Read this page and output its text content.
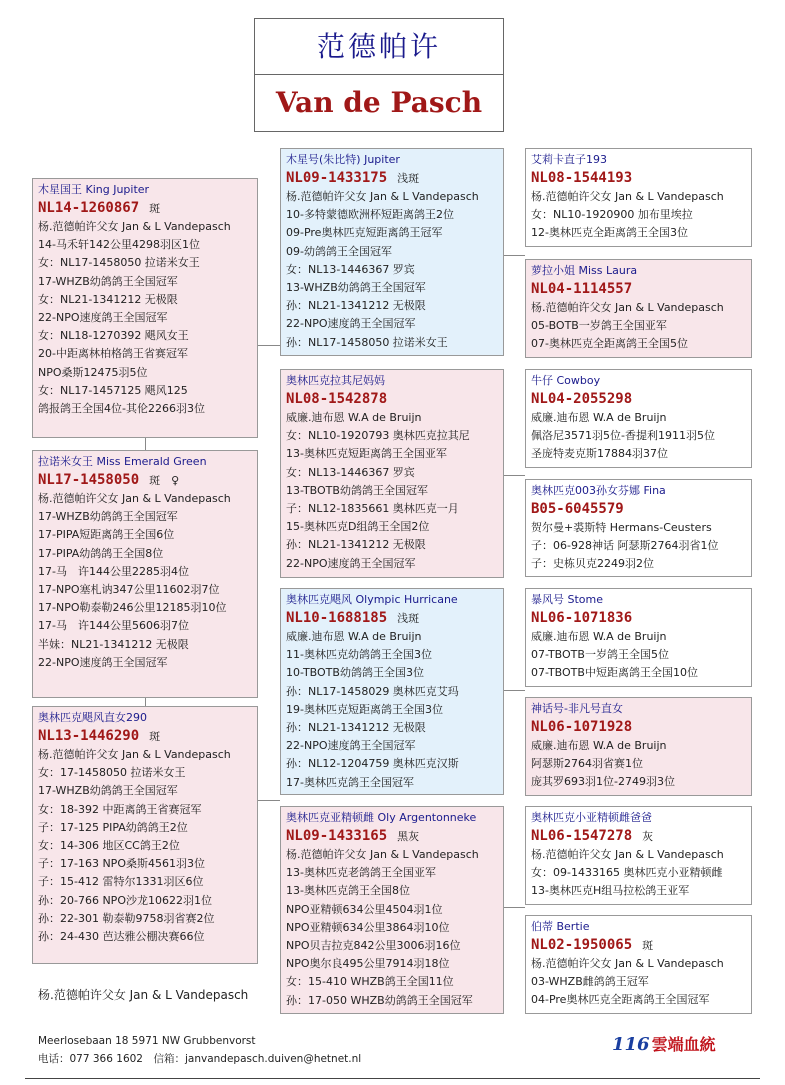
范德帕许
Van de Pasch
木星国王 King Jupiter
NL14-1260867 斑
杨.范德帕许父女 Jan & L Vandepasch
14-马禾轩142公里4298羽区1位
女：NL17-1458050 拉诺米女王
17-WHZB幼鸽鸽王全国冠军
女：NL21-1341212 无极限
22-NPO速度鸽王全国冠军
女：NL18-1270392 飓风女王
20-中距离林柏格鸽王省赛冠军
NPO桑斯12475羽5位
女：NL17-1457125 飓风125
鸽报鸽王全国4位-其伦2266羽3位
拉诺米女王 Miss Emerald Green
NL17-1458050 斑　♀
杨.范德帕许父女 Jan & L Vandepasch
17-WHZB幼鸽鸽王全国冠军
17-PIPA短距离鸽王全国6位
17-PIPA幼鸽鸽王全国8位
17-马　许144公里2285羽4位
17-NPO塞札讷347公里11602羽7位
17-NPO勒泰勒246公里12185羽10位
17-马　许144公里5606羽7位
半妹：NL21-1341212 无极限
22-NPO速度鸽王全国冠军
奥林匹克飓风直女290
NL13-1446290 斑
杨.范德帕许父女 Jan & L Vandepasch
女：17-1458050 拉诺米女王
17-WHZB幼鸽鸽王全国冠军
女：18-392 中距离鸽王省赛冠军
子：17-125 PIPA幼鸽鸽王2位
女：14-306 地区CC鸽王2位
子：17-163 NPO桑斯4561羽3位
子：15-412 雷特尔1331羽区6位
孙：20-766 NPO沙龙10622羽1位
孙：22-301 勒泰勒9758羽省赛2位
孙：24-430 芭达雅公棚决赛66位
木星号(朱比特) Jupiter
NL09-1433175 浅斑
杨.范德帕许父女 Jan & L Vandepasch
10-多特蒙德欧洲杯短距离鸽王2位
09-Pre奥林匹克短距离鸽王冠军
09-幼鸽鸽王全国冠军
女：NL13-1446367 罗宾
13-WHZB幼鸽鸽王全国冠军
孙：NL21-1341212 无极限
22-NPO速度鸽王全国冠军
孙：NL17-1458050 拉诺米女王
奥林匹克拉其尼妈妈
NL08-1542878
威廉.迪布恩 W.A de Bruijn
女：NL10-1920793 奥林匹克拉其尼
13-奥林匹克短距离鸽王全国亚军
女：NL13-1446367 罗宾
13-TBOTB幼鸽鸽王全国冠军
子：NL12-1835661 奥林匹克一月
15-奥林匹克D组鸽王全国2位
孙：NL21-1341212 无极限
22-NPO速度鸽王全国冠军
奥林匹克飓风 Olympic Hurricane
NL10-1688185 浅斑
威廉.迪布恩 W.A de Bruijn
11-奥林匹克幼鸽鸽王全国3位
10-TBOTB幼鸽鸽王全国3位
孙：NL17-1458029 奥林匹克艾玛
19-奥林匹克短距离鸽王全国3位
孙：NL21-1341212 无极限
22-NPO速度鸽王全国冠军
孙：NL12-1204759 奥林匹克汉斯
17-奥林匹克鸽王全国冠军
奥林匹克亚精顿雌 Oly Argentonneke
NL09-1433165 黑灰
杨.范德帕许父女 Jan & L Vandepasch
13-奥林匹克老鸽鸽王全国亚军
13-奥林匹克鸽王全国8位
NPO亚精顿634公里4504羽1位
NPO亚精顿634公里3864羽10位
NPO贝吉拉克842公里3006羽16位
NPO奥尔良495公里7914羽18位
女：15-410 WHZB鸽王全国11位
孙：17-050 WHZB幼鸽鸽王全国冠军
艾莉卡直子193
NL08-1544193
杨.范德帕许父女 Jan & L Vandepasch
女：NL10-1920900 加布里埃拉
12-奥林匹克全距离鸽王全国3位
萝拉小姐 Miss Laura
NL04-1114557
杨.范德帕许父女 Jan & L Vandepasch
05-BOTB一岁鸽王全国亚军
07-奥林匹克全距离鸽王全国5位
牛仔 Cowboy
NL04-2055298
威廉.迪布恩 W.A de Bruijn
佩洛尼3571羽5位-香提利1911羽5位
圣庞特麦克斯17884羽37位
奥林匹克003孙女芬娜 Fina
B05-6045579
贺尔曼+裘斯特 Hermans-Ceusters
子：06-928神话 阿瑟斯2764羽省1位
子：史栋贝克2249羽2位
暴风号 Stome
NL06-1071836
威廉.迪布恩 W.A de Bruijn
07-TBOTB一岁鸽王全国5位
07-TBOTB中短距离鸽王全国10位
神话号-非凡号直女
NL06-1071928
威廉.迪布恩 W.A de Bruijn
阿瑟斯2764羽省赛1位
庞其罗693羽1位-2749羽3位
奥林匹克小亚精顿雌爸爸
NL06-1547278 灰
杨.范德帕许父女 Jan & L Vandepasch
女：09-1433165 奥林匹克小亚精顿雌
13-奥林匹克H组马拉松鸽王亚军
伯蒂 Bertie
NL02-1950065 斑
杨.范德帕许父女 Jan & L Vandepasch
03-WHZB雌鸽鸽王冠军
04-Pre奥林匹克全距离鸽王全国冠军
杨.范德帕许父女 Jan & L Vandepasch
Meerlosebaan 18 5971 NW Grubbenvorst
电话：077 366 1602　信箱：janvandepasch.duiven@hetnet.nl
116 雲端血統
